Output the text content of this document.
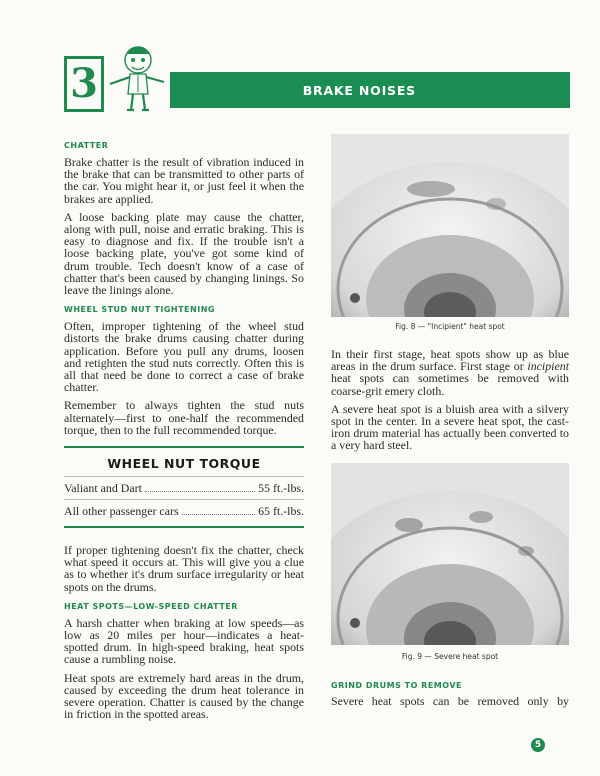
3	BRAKE NOISES
CHATTER

Brake chatter is the result of vibration induced in the brake that can be transmitted to other parts of the car. You might hear it, or just feel it when the brakes are applied.

A loose backing plate may cause the chatter, along with pull, noise and erratic braking. This is easy to diagnose and fix. If the trouble isn't a loose backing plate, you've got some kind of drum trouble. Tech doesn't know of a case of chatter that's been caused by changing linings. So leave the linings alone.

WHEEL STUD NUT TIGHTENING

Often, improper tightening of the wheel stud distorts the brake drums causing chatter during application. Before you pull any drums, loosen and retighten the stud nuts correctly. Often this is all that need be done to correct a case of brake chatter.

Remember to always tighten the stud nuts alternately—first to one-half the recommended torque, then to the full recommended torque.

WHEEL NUT TORQUE
Valiant and Dart	55 ft.-lbs.
All other passenger cars	65 ft.-lbs.

If proper tightening doesn't fix the chatter, check what speed it occurs at. This will give you a clue as to whether it's drum surface irregularity or heat spots on the drums.

HEAT SPOTS—LOW-SPEED CHATTER

A harsh chatter when braking at low speeds—as low as 20 miles per hour—indicates a heat-spotted drum. In high-speed braking, heat spots cause a rumbling noise.

Heat spots are extremely hard areas in the drum, caused by exceeding the drum heat tolerance in severe operation. Chatter is caused by the change in friction in the spotted areas.

Fig. 8 — "Incipient" heat spot

In their first stage, heat spots show up as blue areas in the drum surface. First stage or incipient heat spots can sometimes be removed with coarse-grit emery cloth.

A severe heat spot is a bluish area with a silvery spot in the center. In a severe heat spot, the cast-iron drum material has actually been converted to a very hard steel.

Fig. 9 — Severe heat spot
GRIND DRUMS TO REMOVE

Severe heat spots can be removed only by

5
